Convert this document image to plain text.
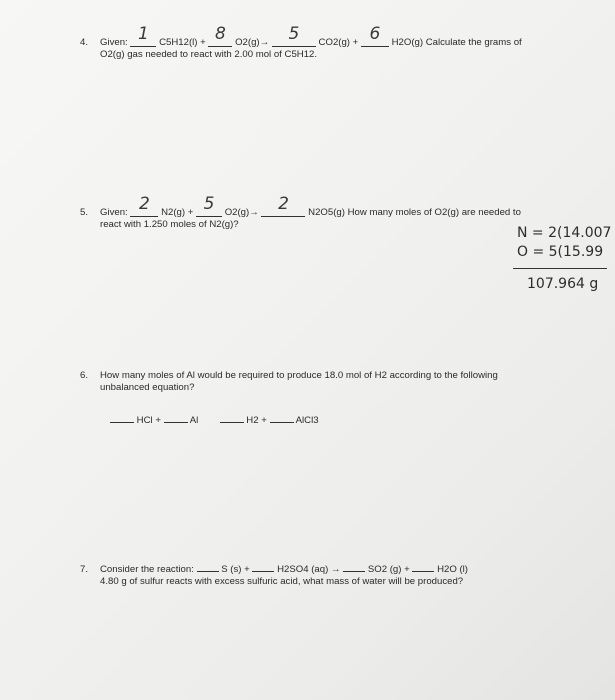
4. Given: 1 C5H12(l) + 8 O2(g)→ 5 CO2(g) + 6 H2O(g) Calculate the grams of
O2(g) gas needed to react with 2.00 mol of C5H12.
5. Given: 2 N2(g) + 5 O2(g)→ 2 N2O5(g) How many moles of O2(g) are needed to
react with 1.250 moles of N2(g)?
N = 2(14.007
O = 5(15.99
107.964 g
6. How many moles of Al would be required to produce 18.0 mol of H2 according to the following
unbalanced equation?
HCl +	Al	H2 +	AlCl3
7. Consider the reaction:	S (s) +	H2SO4 (aq) →	SO2 (g) +	H2O (l)
4.80 g of sulfur reacts with excess sulfuric acid, what mass of water will be produced?
